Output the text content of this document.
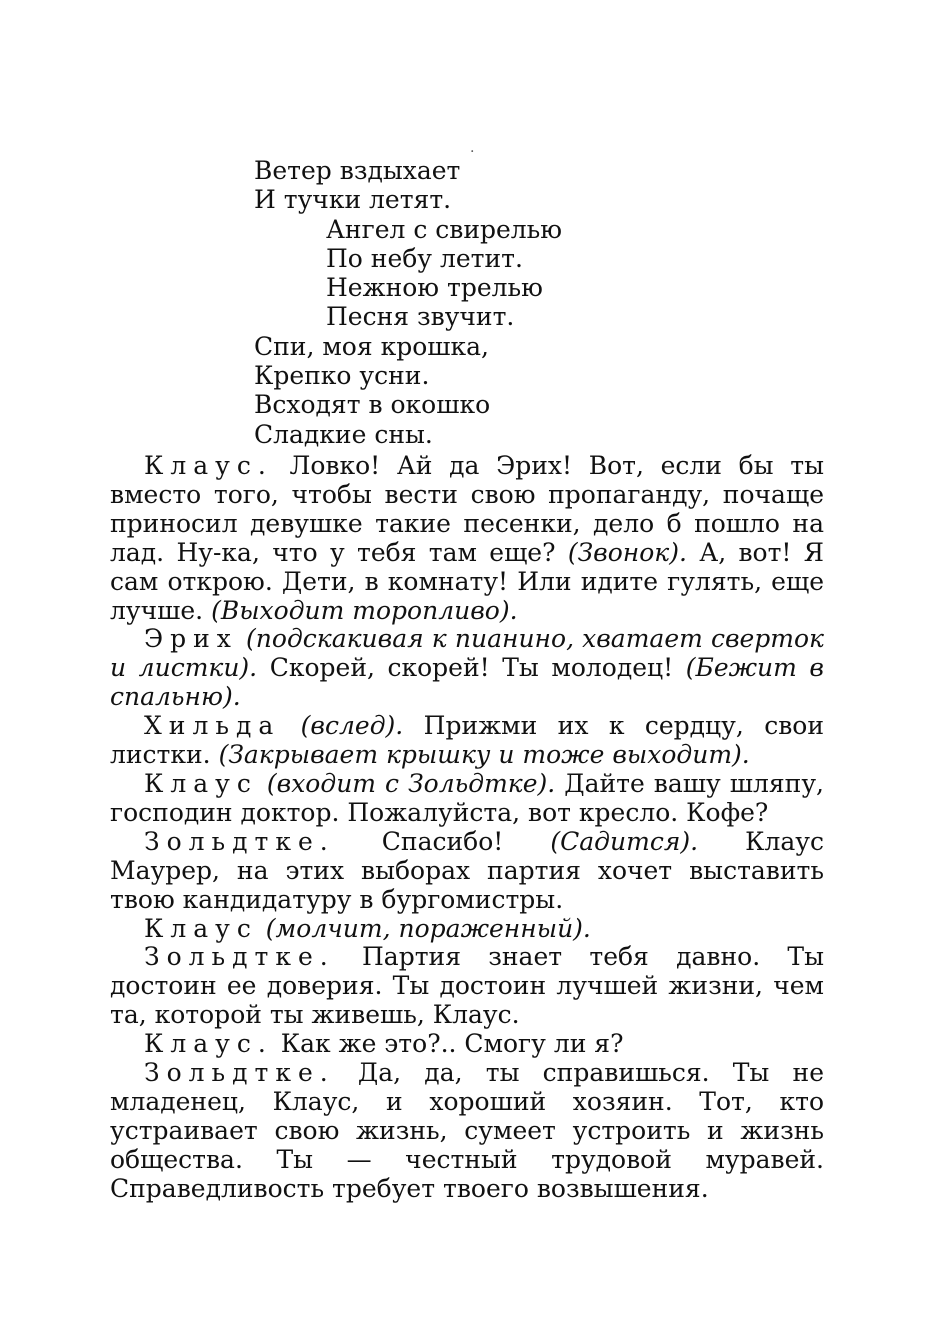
.
Ветер вздыхает
И тучки летят.
Ангел с свирелью
По небу летит.
Нежною трелью
Песня звучит.
Спи, моя крошка,
Крепко усни.
Всходят в окошко
Сладкие сны.

Клаус. Ловко! Ай да Эрих! Вот, если бы ты вместо того, чтобы вести свою пропаганду, почаще приносил девушке такие песенки, дело б пошло на лад. Ну-ка, что у тебя там еще? (Звонок). А, вот! Я сам открою. Дети, в комнату! Или идите гулять, еще лучше. (Выходит торопливо).

Эрих (подскакивая к пианино, хватает сверток и листки). Скорей, скорей! Ты молодец! (Бежит в спальню).

Хильда (вслед). Прижми их к сердцу, свои листки. (Закрывает крышку и тоже выходит).

Клаус (входит с Зольдтке). Дайте вашу шляпу, господин доктор. Пожалуйста, вот кресло. Кофе?

Зольдтке. Спасибо! (Садится). Клаус Маурер, на этих выборах партия хочет выставить твою кандидатуру в бургомистры.

Клаус (молчит, пораженный).

Зольдтке. Партия знает тебя давно. Ты достоин ее доверия. Ты достоин лучшей жизни, чем та, которой ты живешь, Клаус.

Клаус. Как же это?.. Смогу ли я?

Зольдтке. Да, да, ты справишься. Ты не младенец, Клаус, и хороший хозяин. Тот, кто устраивает свою жизнь, сумеет устроить и жизнь общества. Ты — честный трудовой муравей. Справедливость требует твоего возвышения.
